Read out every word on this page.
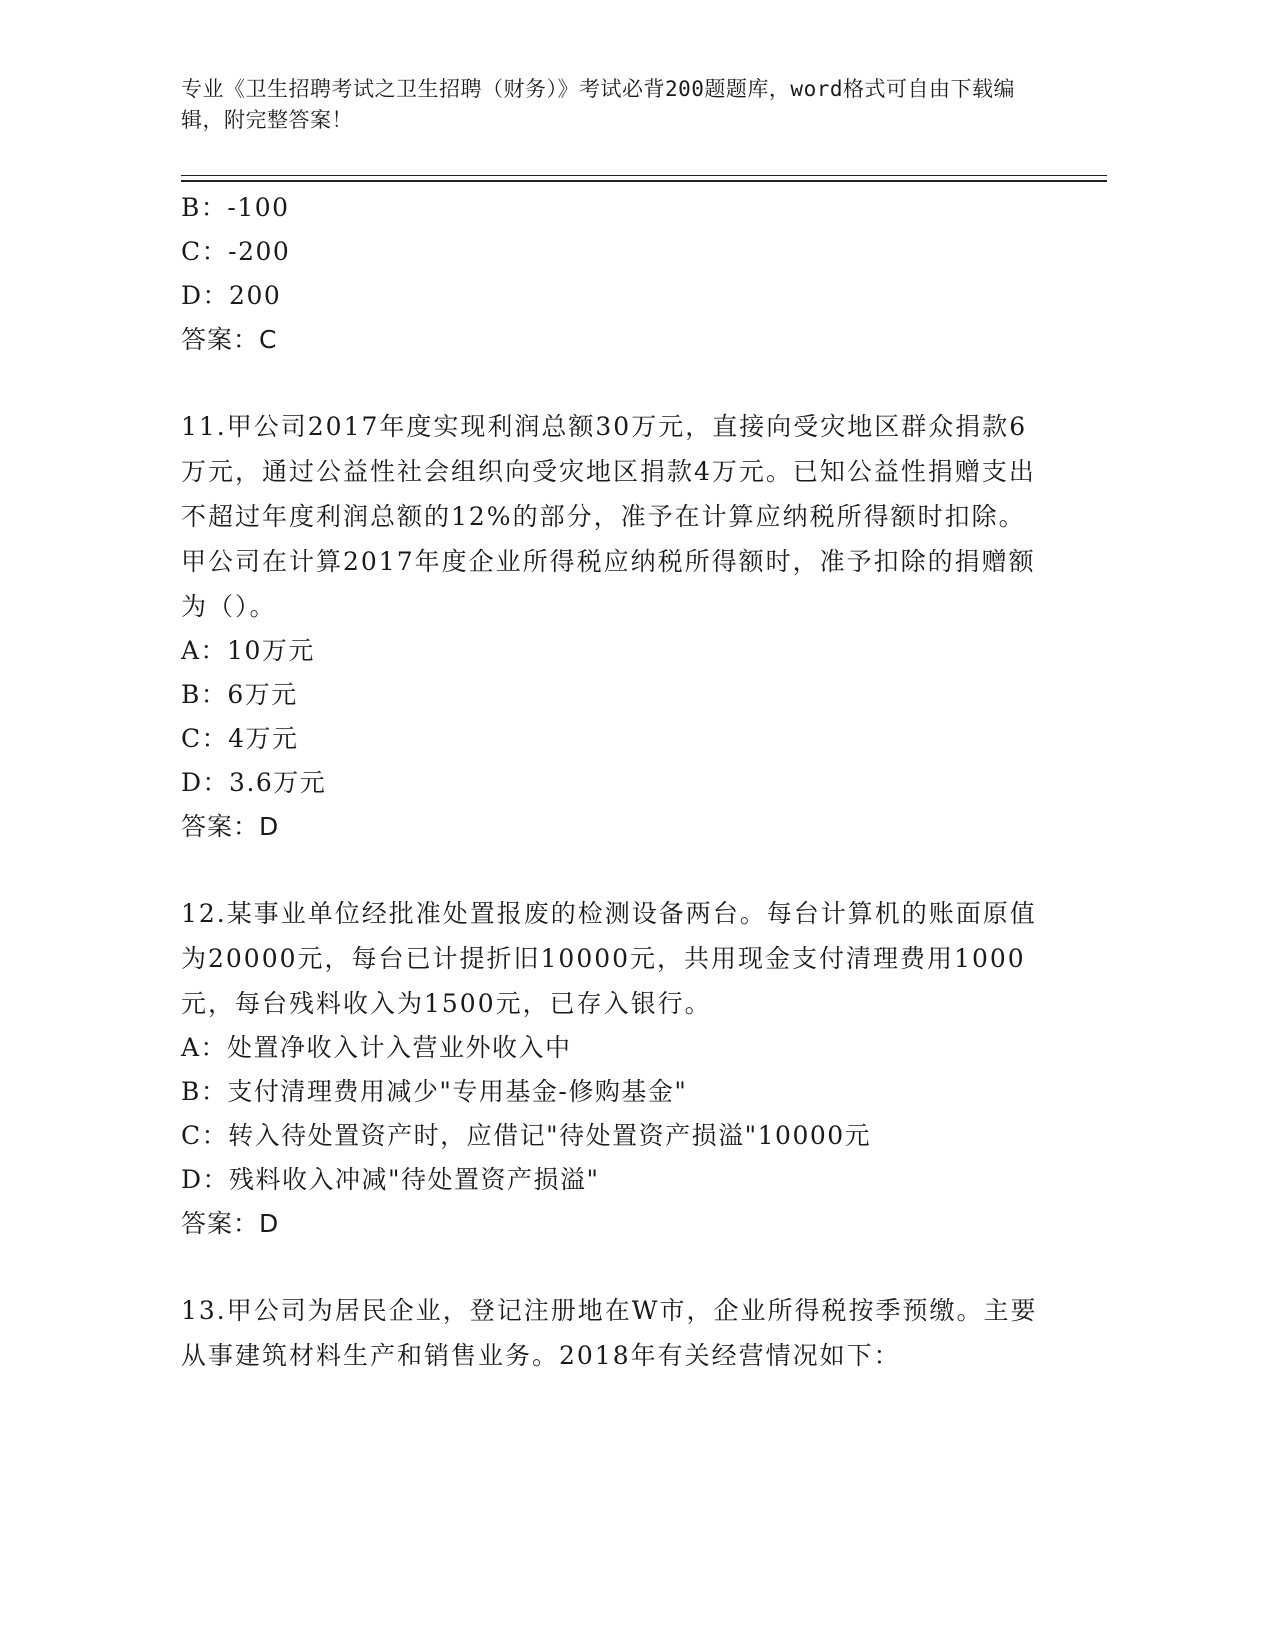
专业《卫生招聘考试之卫生招聘（财务）》考试必背200题题库，word格式可自由下载编辑，附完整答案！
B：-100
C：-200
D：200
答案：C
11.甲公司2017年度实现利润总额30万元，直接向受灾地区群众捐款6万元，通过公益性社会组织向受灾地区捐款4万元。已知公益性捐赠支出不超过年度利润总额的12%的部分，准予在计算应纳税所得额时扣除。甲公司在计算2017年度企业所得税应纳税所得额时，准予扣除的捐赠额为（）。
A：10万元
B：6万元
C：4万元
D：3.6万元
答案：D
12.某事业单位经批准处置报废的检测设备两台。每台计算机的账面原值为20000元，每台已计提折旧10000元，共用现金支付清理费用1000元，每台残料收入为1500元，已存入银行。
A：处置净收入计入营业外收入中
B：支付清理费用减少"专用基金-修购基金"
C：转入待处置资产时，应借记"待处置资产损溢"10000元
D：残料收入冲减"待处置资产损溢"
答案：D
13.甲公司为居民企业，登记注册地在W市，企业所得税按季预缴。主要从事建筑材料生产和销售业务。2018年有关经营情况如下：
